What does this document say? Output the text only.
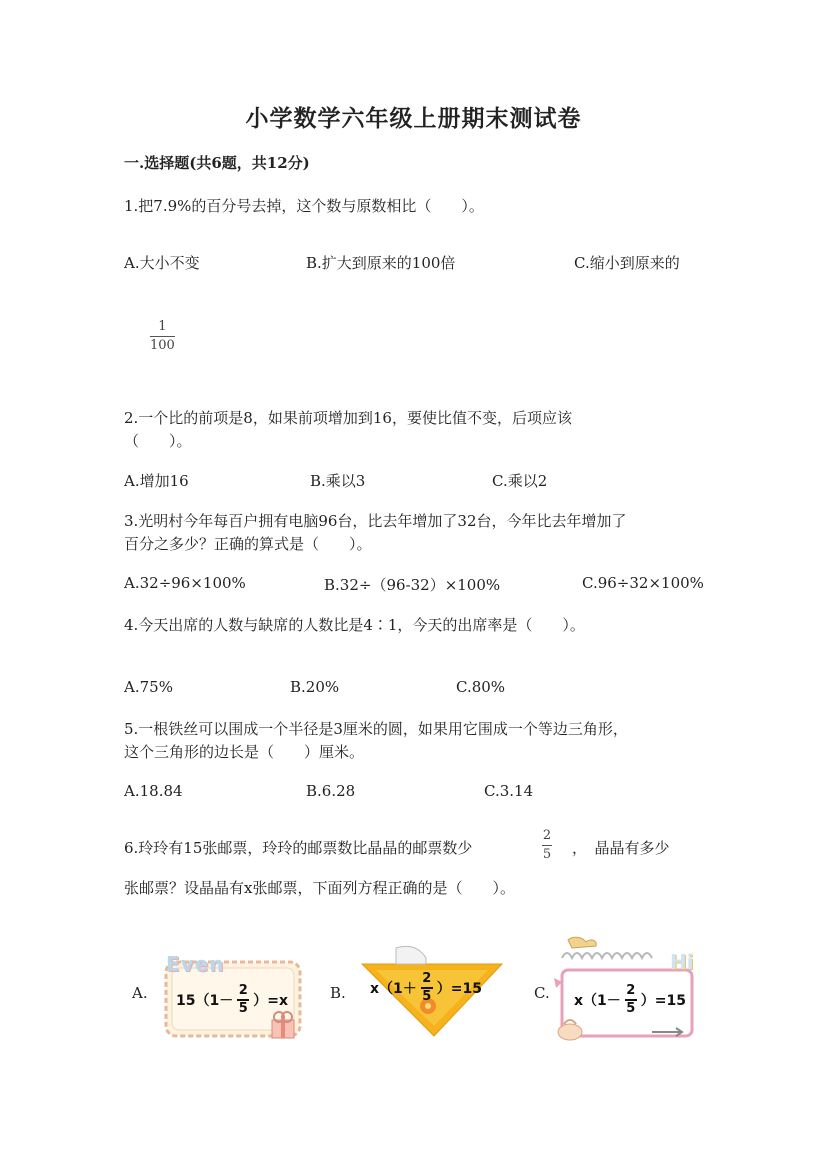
小学数学六年级上册期末测试卷
一.选择题(共6题，共12分)
1.把7.9%的百分号去掉，这个数与原数相比（　　）。
A.大小不变	B.扩大到原来的100倍	C.缩小到原来的
1
100
2.一个比的前项是8，如果前项增加到16，要使比值不变，后项应该
（　　）。
A.增加16	B.乘以3	C.乘以2
3.光明村今年每百户拥有电脑96台，比去年增加了32台，今年比去年增加了
百分之多少？正确的算式是（　　）。
A.32÷96×100%	B.32÷（96-32）×100%	C.96÷32×100%
4.今天出席的人数与缺席的人数比是4∶1，今天的出席率是（　　）。
A.75%	B.20%	C.80%
5.一根铁丝可以围成一个半径是3厘米的圆，如果用它围成一个等边三角形，
这个三角形的边长是（　　）厘米。
A.18.84	B.6.28	C.3.14
6.玲玲有15张邮票，玲玲的邮票数比晶晶的邮票数少
2
5 ，　晶晶有多少
张邮票？设晶晶有x张邮票，下面列方程正确的是（　　）。
A.	B.	C.
Even
15（1－
2
5 ）=x
x（1＋
2
5 ）=15
Hi
x（1－
2
5 ）=15
